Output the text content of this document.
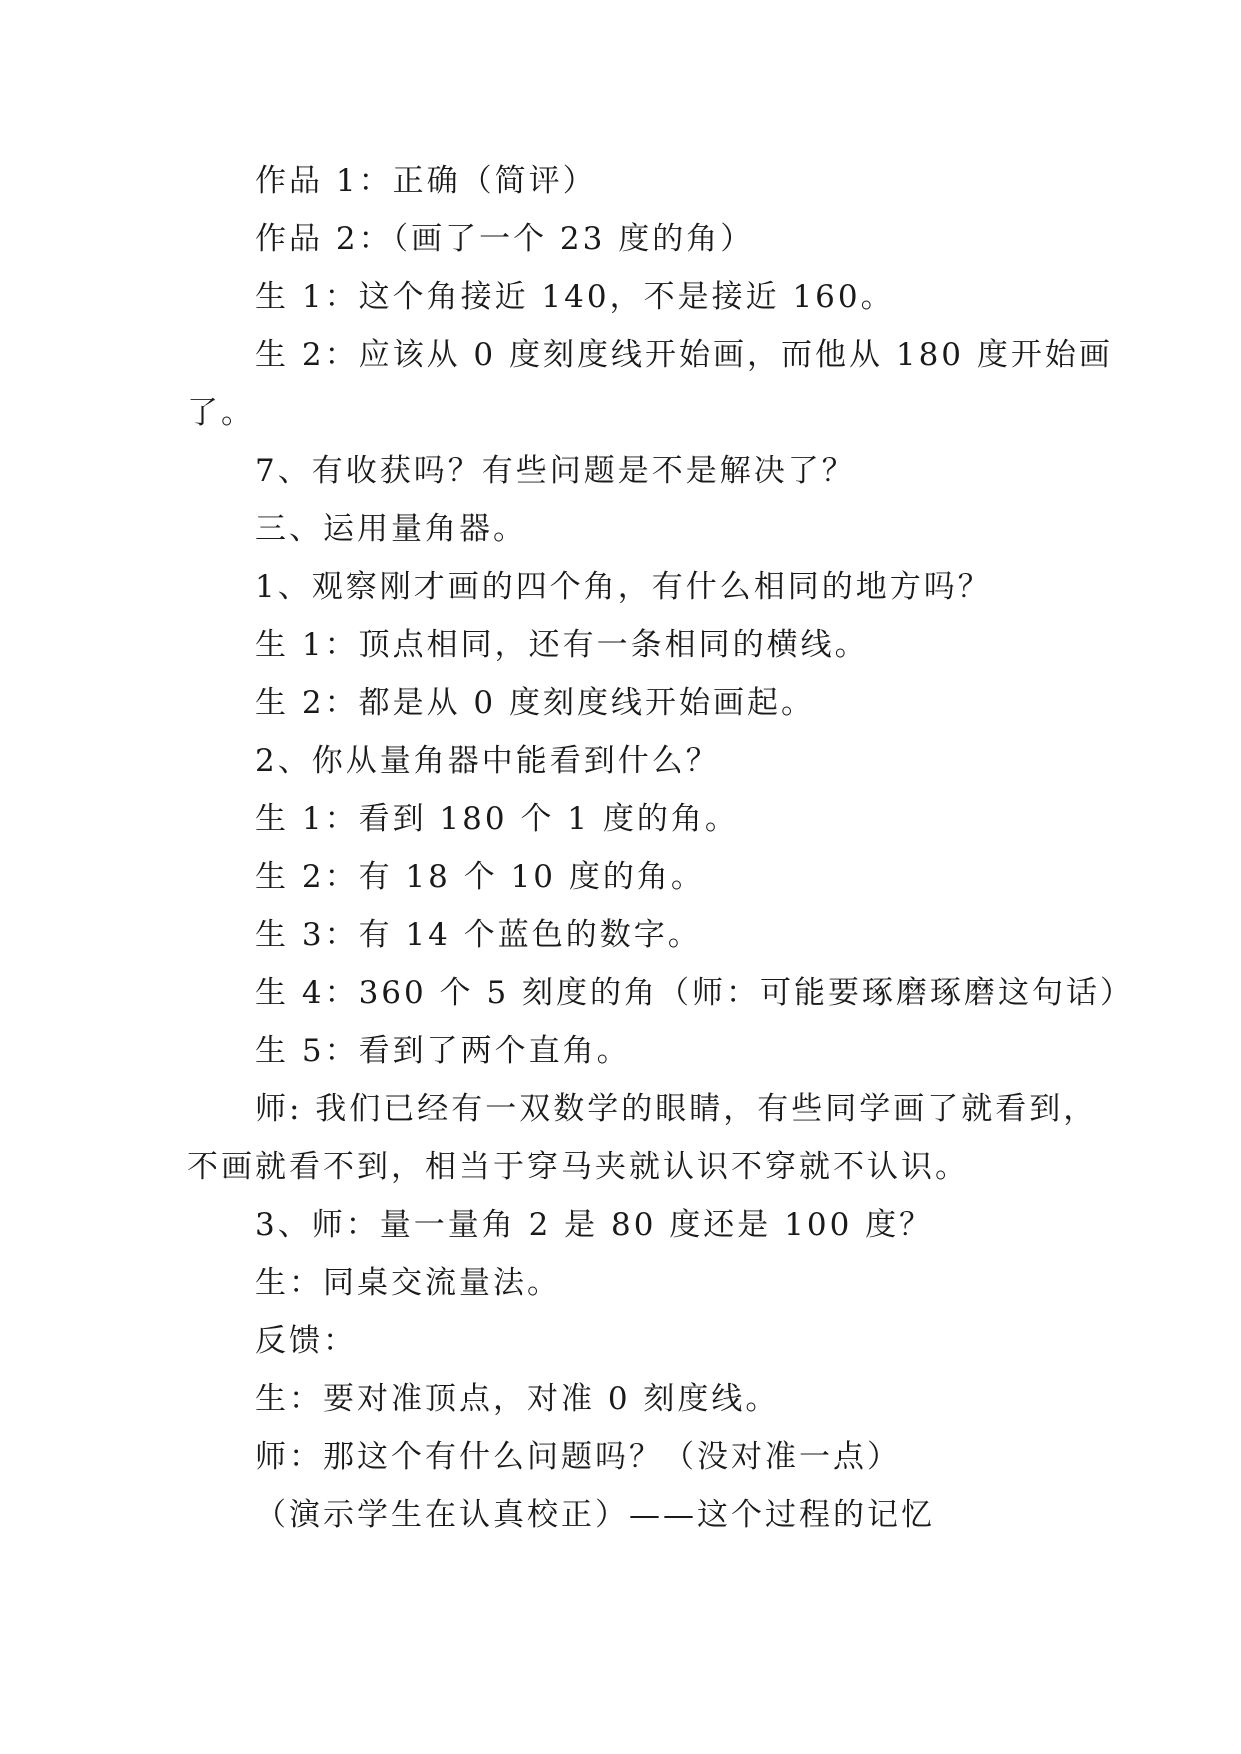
作品 1：正确（简评）
作品 2：（画了一个 23 度的角）
生 1：这个角接近 140，不是接近 160。
生 2：应该从 0 度刻度线开始画，而他从 180 度开始画
了。
7、有收获吗？有些问题是不是解决了？
三、运用量角器。
1、观察刚才画的四个角，有什么相同的地方吗？
生 1：顶点相同，还有一条相同的横线。
生 2：都是从 0 度刻度线开始画起。
2、你从量角器中能看到什么？
生 1：看到 180 个 1 度的角。
生 2：有 18 个 10 度的角。
生 3：有 14 个蓝色的数字。
生 4：360 个 5 刻度的角（师：可能要琢磨琢磨这句话）
生 5：看到了两个直角。
师: 我们已经有一双数学的眼睛，有些同学画了就看到，
不画就看不到，相当于穿马夹就认识不穿就不认识。
3、师：量一量角 2 是 80 度还是 100 度？
生：同桌交流量法。
反馈：
生：要对准顶点，对准 0 刻度线。
师：那这个有什么问题吗？（没对准一点）
（演示学生在认真校正）——这个过程的记忆
